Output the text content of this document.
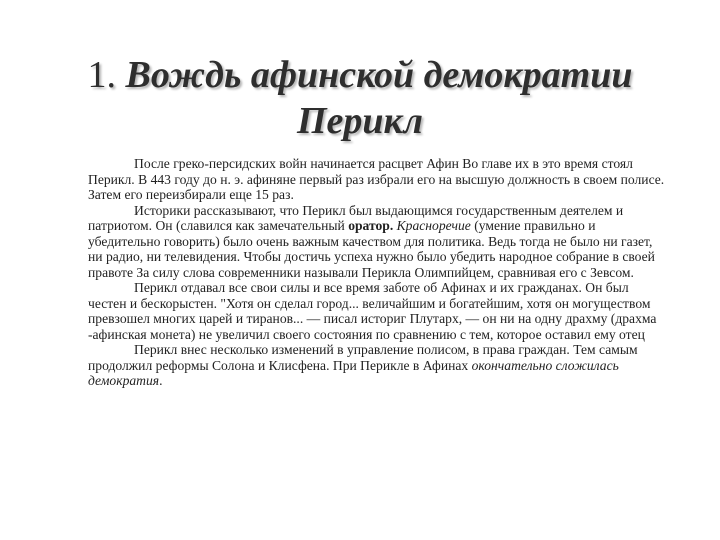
1. Вождь афинской демократии
Перикл

После греко-персидских войн начинается расцвет Афин Во главе их в это время стоял Перикл. В 443 году до н. э. афиняне первый раз избрали его на высшую должность в своем полисе. Затем его переизбирали еще 15 раз.

Историки рассказывают, что Перикл был выдающимся государственным деятелем и патриотом. Он (славился как замечательный оратор. Красноречие (умение правильно и убедительно говорить) было очень важным качеством для политика. Ведь тогда не было ни газет, ни радио, ни телевидения. Чтобы достичь успеха нужно было убедить народное собрание в своей правоте За силу слова современники называли Перикла Олимпийцем, сравнивая его с Зевсом.

Перикл отдавал все свои силы и все время заботе об Афинах и их гражданах. Он был честен и бескорыстен. "Хотя он сделал город... величайшим и богатейшим, хотя он могуществом превзошел многих царей и тиранов... — писал историг Плутарх, — он ни на одну драхму (драхма -афинская монета) не увеличил своего состояния по сравнению с тем, которое оставил ему отец

Перикл внес несколько изменений в управление полисом, в права граждан. Тем самым продолжил реформы Солона и Клисфена. При Перикле в Афинах окончательно сложилась демократия.
